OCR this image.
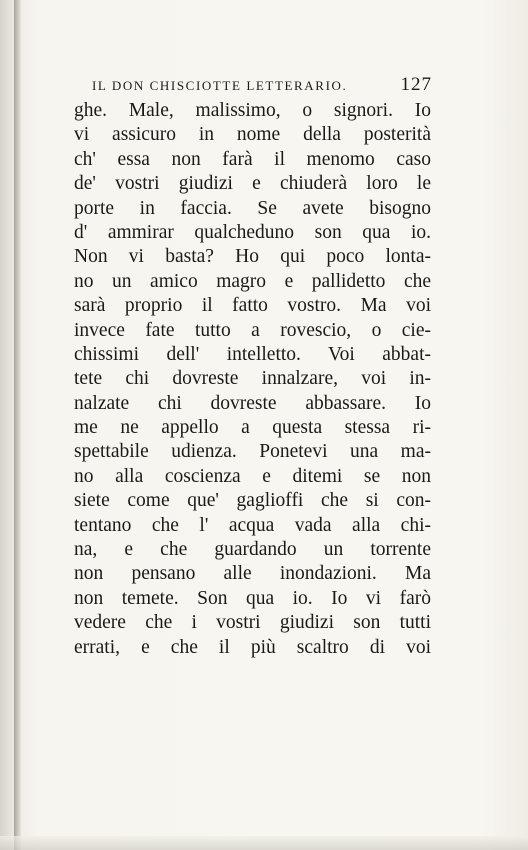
IL DON CHISCIOTTE LETTERARIO.	127
ghe. Male, malissimo, o signori. Io
vi assicuro in nome della posterità
ch' essa non farà il menomo caso
de' vostri giudizi e chiuderà loro le
porte in faccia. Se avete bisogno
d' ammirar qualcheduno son qua io.
Non vi basta? Ho qui poco lonta-
no un amico magro e pallidetto che
sarà proprio il fatto vostro. Ma voi
invece fate tutto a rovescio, o cie-
chissimi dell' intelletto. Voi abbat-
tete chi dovreste innalzare, voi in-
nalzate chi dovreste abbassare. Io
me ne appello a questa stessa ri-
spettabile udienza. Ponetevi una ma-
no alla coscienza e ditemi se non
siete come que' gaglioffi che si con-
tentano che l' acqua vada alla chi-
na, e che guardando un torrente
non pensano alle inondazioni. Ma
non temete. Son qua io. Io vi farò
vedere che i vostri giudizi son tutti
errati, e che il più scaltro di voi
